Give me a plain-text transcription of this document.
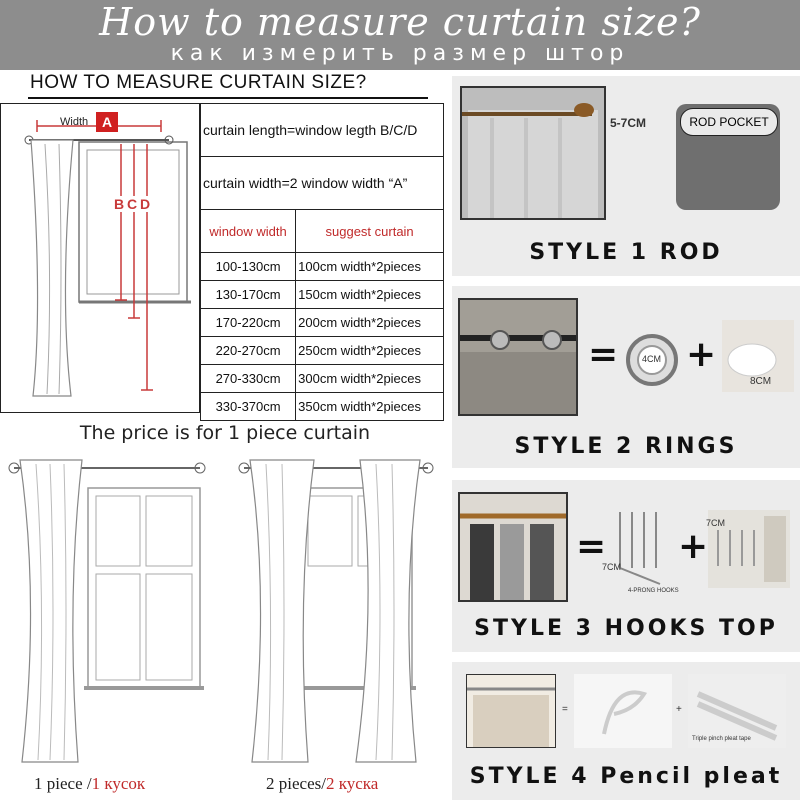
How to measure curtain size?
как измерить размер штор
HOW TO MEASURE CURTAIN SIZE?
Width A
B C D
curtain length=window legth B/C/D	
curtain width=2 window width “A”	
window width	suggest curtain
100-130cm	100cm width*2pieces
130-170cm	150cm width*2pieces
170-220cm	200cm width*2pieces
220-270cm	250cm width*2pieces
270-330cm	300cm width*2pieces
330-370cm	350cm width*2pieces
The price is for 1 piece curtain
1 piece /1 кусок	2 pieces/2 куска
5-7CM	ROD POCKET
STYLE 1 ROD
=	4CM +
8CM
STYLE 2 RINGS
=
7CM
4-PRONG HOOKS
+
7CM
STYLE 3 HOOKS TOP
=	+
Triple pinch pleat tape
STYLE 4 Pencil pleat
